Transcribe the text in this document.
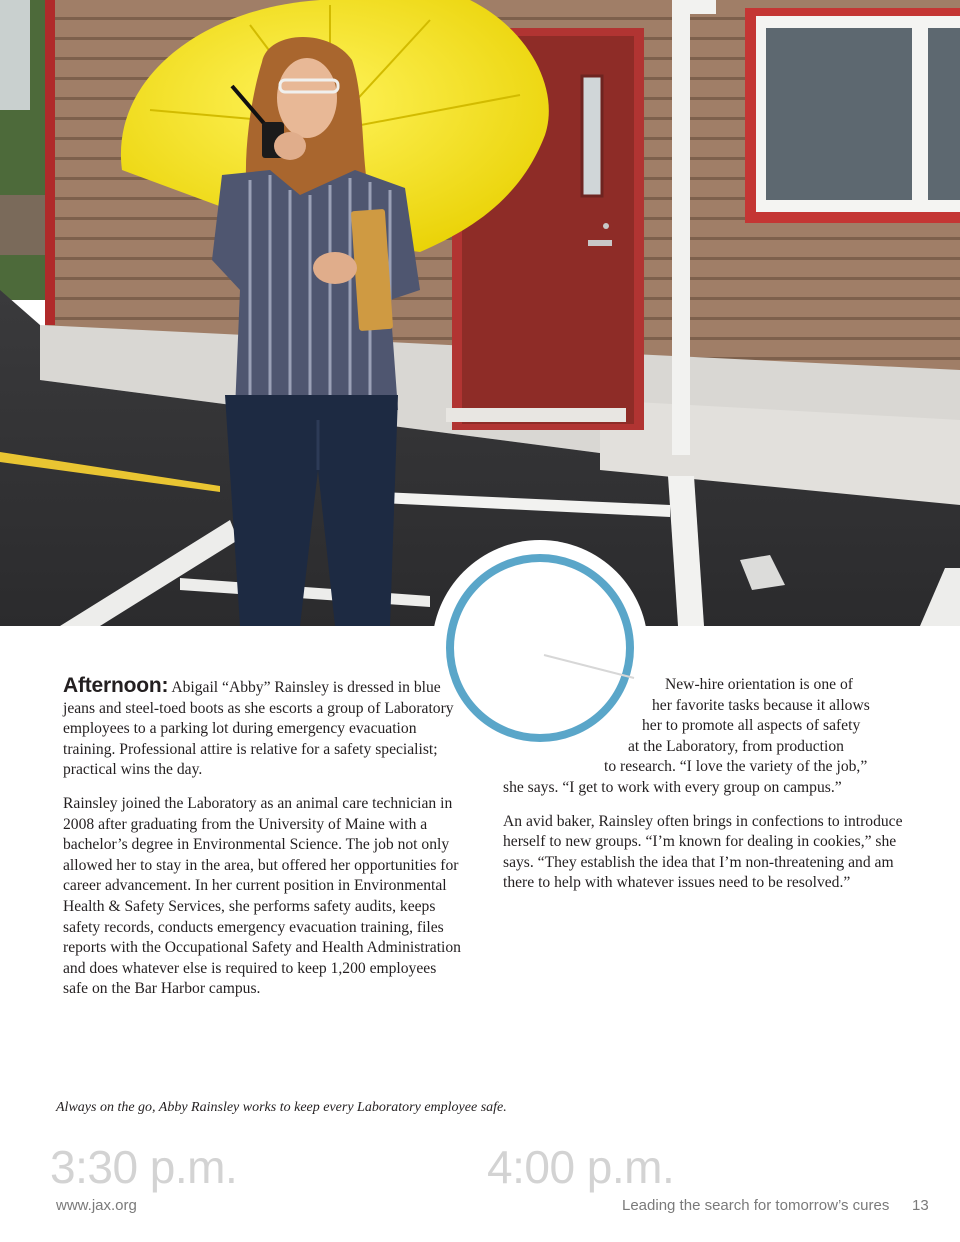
Afternoon: Abigail “Abby” Rainsley is dressed in blue jeans and steel-toed boots as she escorts a group of Laboratory employees to a parking lot during emergency evacuation training. Professional attire is relative for a safety specialist; practical wins the day.

Rainsley joined the Laboratory as an animal care technician in 2008 after graduating from the University of Maine with a bachelor’s degree in Environmental Science. The job not only allowed her to stay in the area, but offered her opportunities for career advancement. In her current position in Environmental Health & Safety Services, she performs safety audits, keeps safety records, conducts emergency evacuation training, files reports with the Occupational Safety and Health Administration and does whatever else is required to keep 1,200 employees safe on the Bar Harbor campus.

New-hire orientation is one of
her favorite tasks because it allows
her to promote all aspects of safety
at the Laboratory, from production
to research. “I love the variety of the job,”
she says. “I get to work with every group on campus.”

An avid baker, Rainsley often brings in confections to introduce herself to new groups. “I’m known for dealing in cookies,” she says. “They establish the idea that I’m non-threatening and am there to help with whatever issues need to be resolved.”

Always on the go, Abby Rainsley works to keep every Laboratory employee safe.
3:30 p.m.	4:00 p.m.
www.jax.org	Leading the search for tomorrow’s cures 13
